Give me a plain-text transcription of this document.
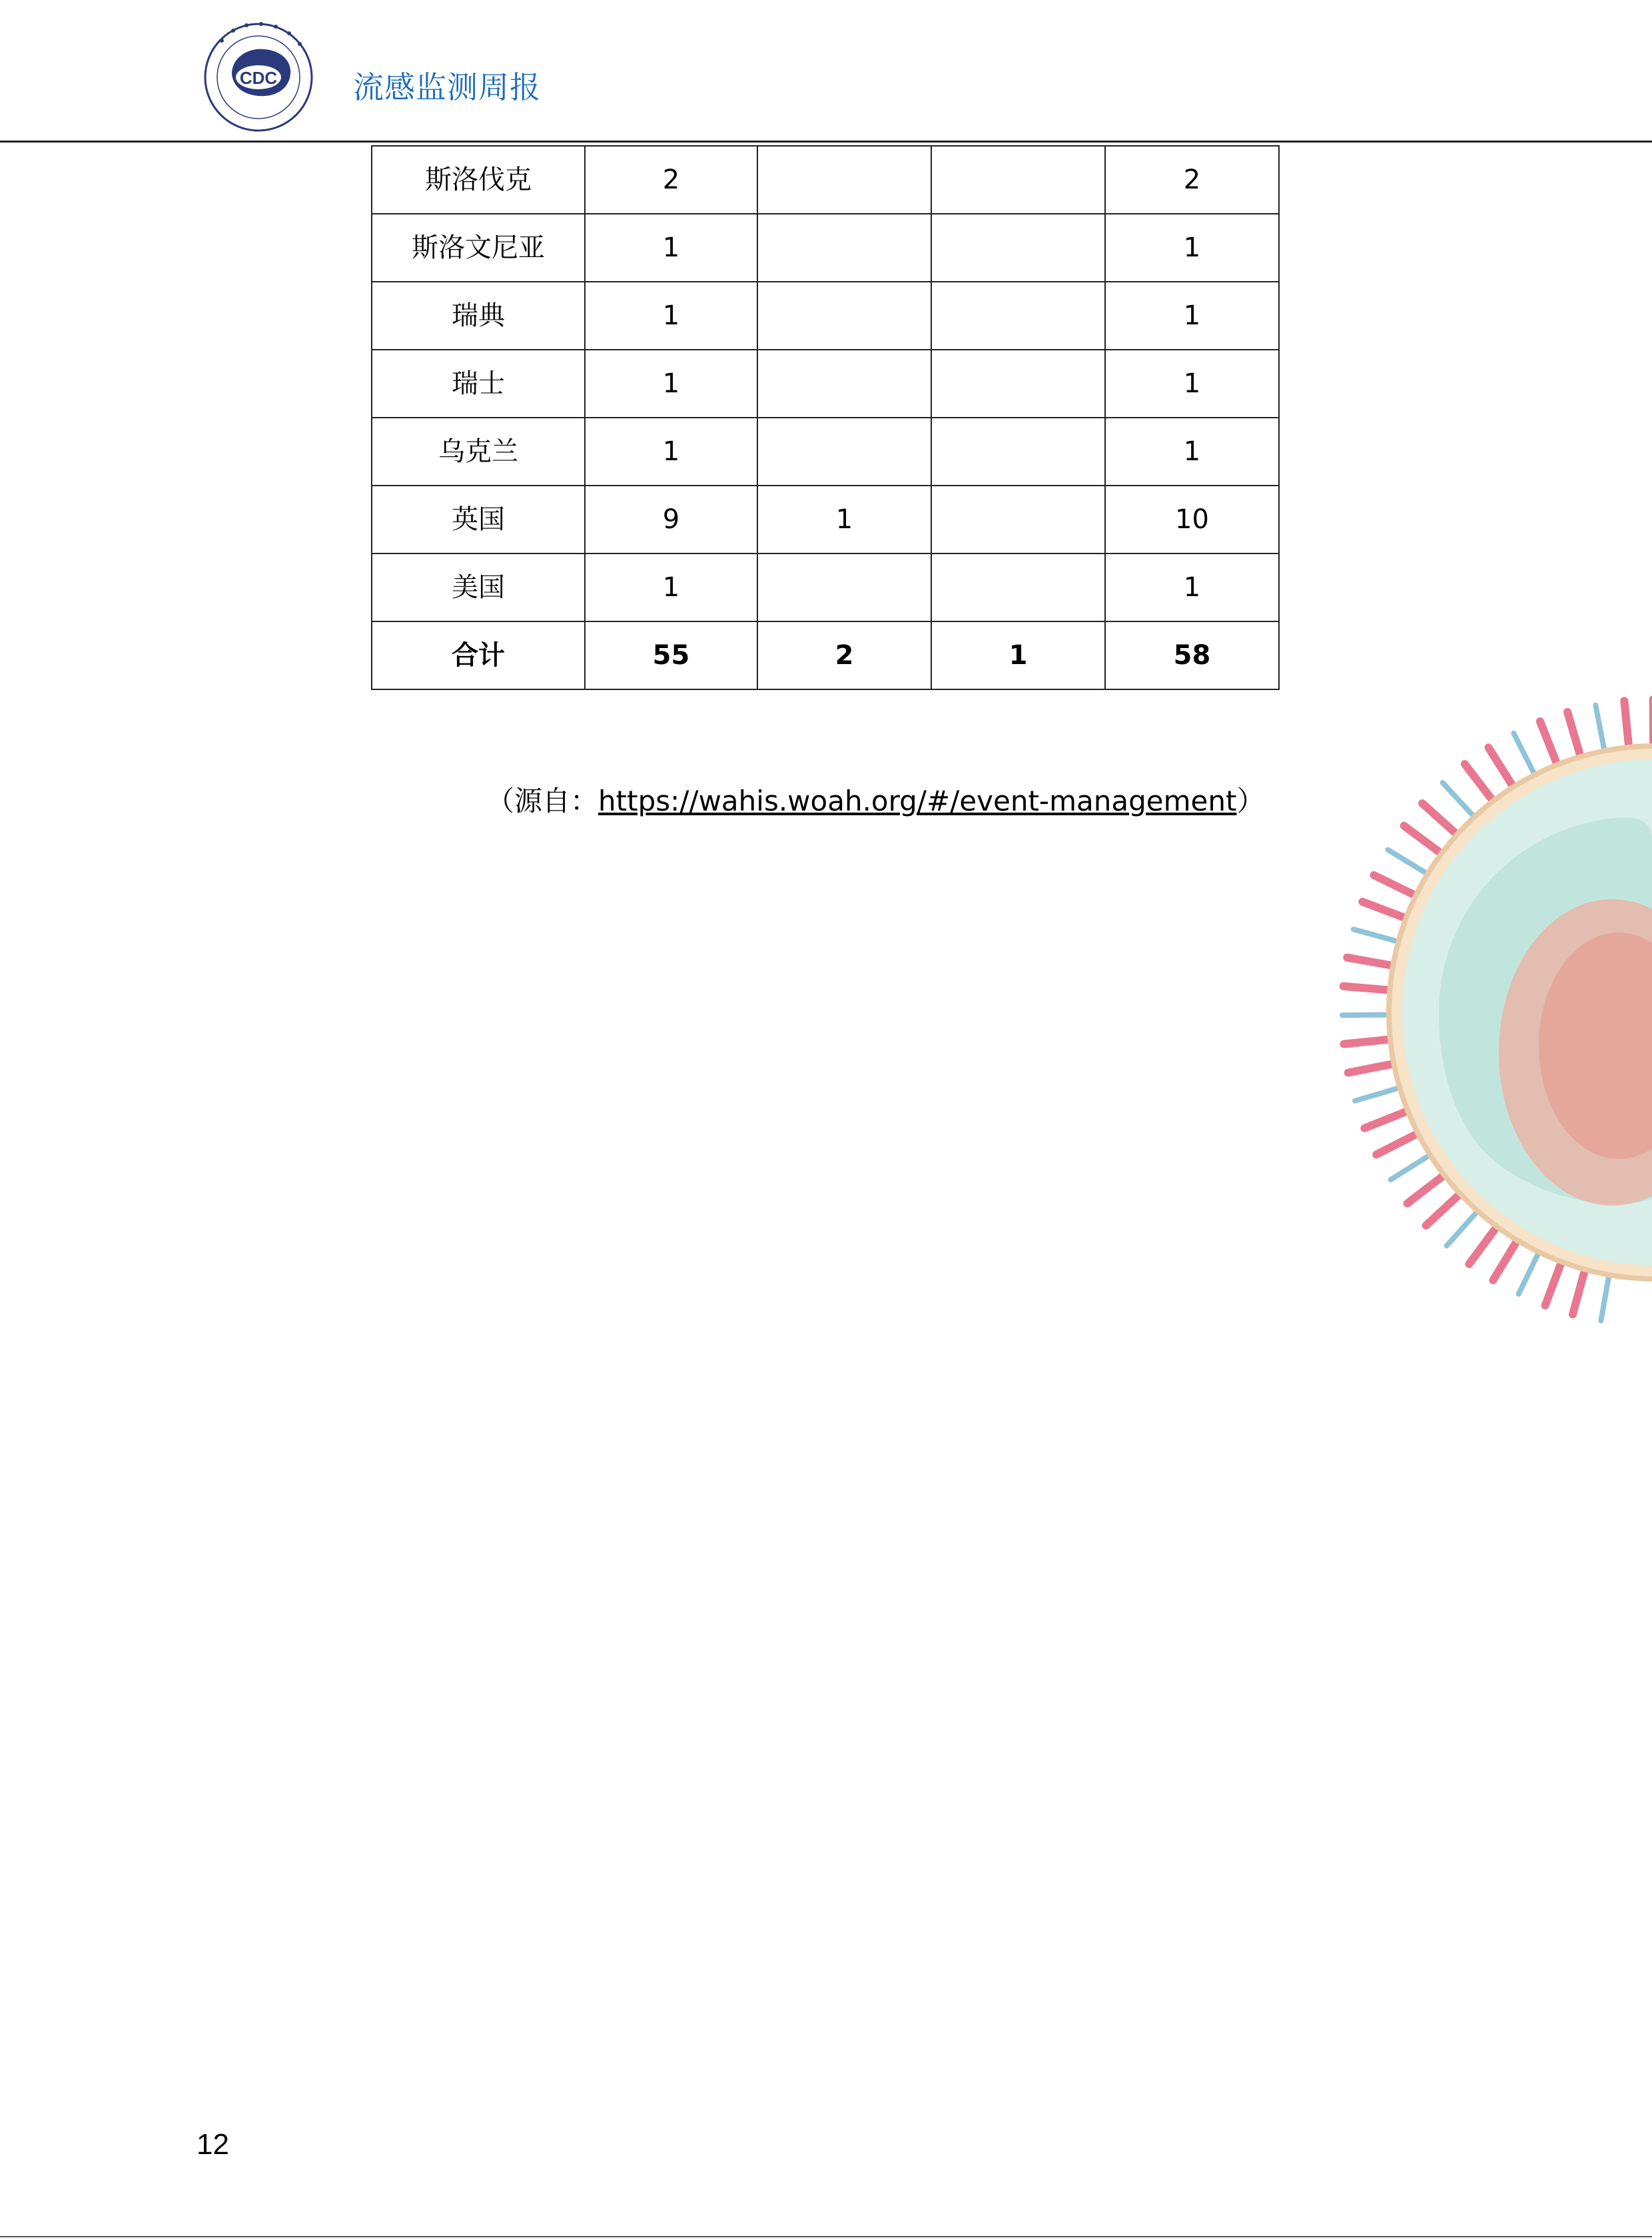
CDC 流感监测周报
斯洛伐克	2			2
斯洛文尼亚	1			1
瑞典	1			1
瑞士	1			1
乌克兰	1			1
英国	9	1		10
美国	1			1
合计	55	2	1	58
（源自：https://wahis.woah.org/#/event-management）
12
